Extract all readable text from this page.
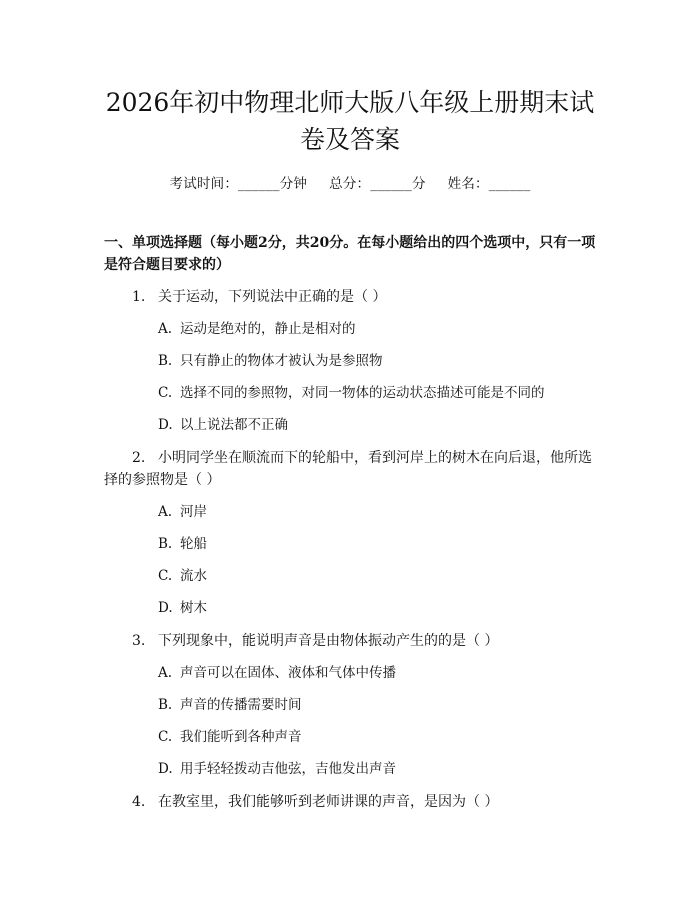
2026年初中物理北师大版八年级上册期末试卷及答案
考试时间：______分钟 总分：______分 姓名：______
一、单项选择题（每小题2分，共20分。在每小题给出的四个选项中，只有一项是符合题目要求的）

1. 关于运动，下列说法中正确的是（ ）

A. 运动是绝对的，静止是相对的
B. 只有静止的物体才被认为是参照物
C. 选择不同的参照物，对同一物体的运动状态描述可能是不同的
D. 以上说法都不正确

2. 小明同学坐在顺流而下的轮船中，看到河岸上的树木在向后退，他所选择的参照物是（ ）

A. 河岸
B. 轮船
C. 流水
D. 树木

3. 下列现象中，能说明声音是由物体振动产生的的是（ ）

A. 声音可以在固体、液体和气体中传播
B. 声音的传播需要时间
C. 我们能听到各种声音
D. 用手轻轻拨动吉他弦，吉他发出声音

4. 在教室里，我们能够听到老师讲课的声音，是因为（ ）
